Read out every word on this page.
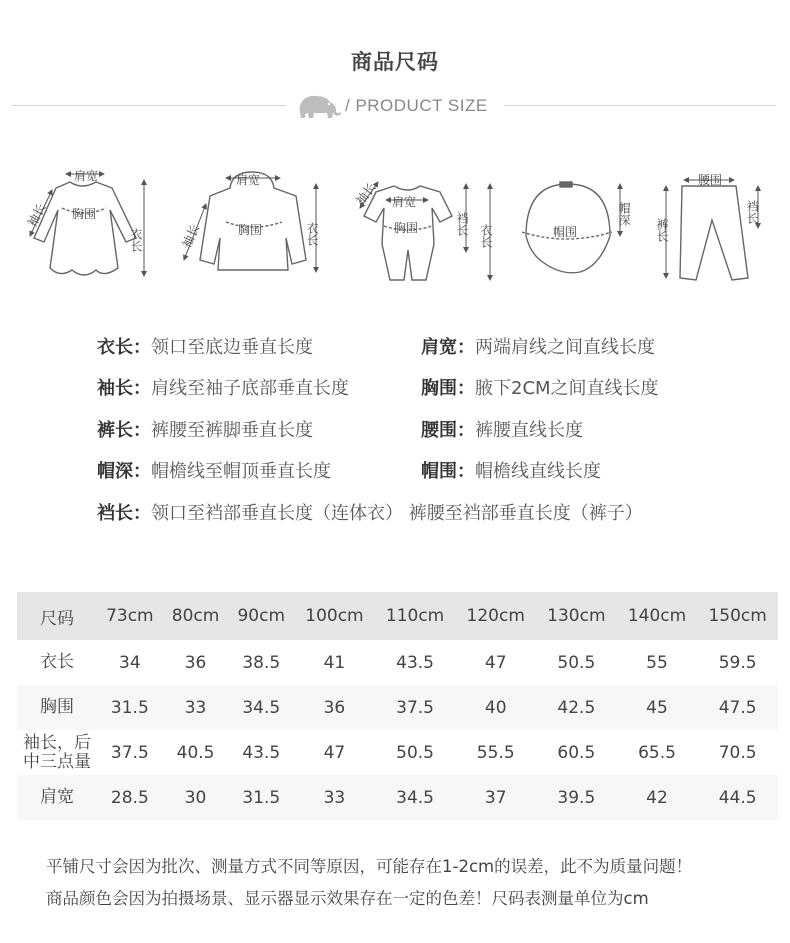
商品尺码
/ PRODUCT SIZE
肩宽
袖长 胸围
衣长
肩宽
袖长	胸围	衣长
袖长 肩宽
胸围	裆长 衣长	帽围
帽深
腰围
裤长
裆长
衣长：领口至底边垂直长度	肩宽：两端肩线之间直线长度
袖长：肩线至袖子底部垂直长度	胸围：腋下2CM之间直线长度
裤长：裤腰至裤脚垂直长度	腰围：裤腰直线长度
帽深：帽檐线至帽顶垂直长度	帽围：帽檐线直线长度
裆长：领口至裆部垂直长度（连体衣） 裤腰至裆部垂直长度（裤子）
尺码	73cm	80cm	90cm	100cm	110cm	120cm	130cm	140cm	150cm
衣长	34	36	38.5	41	43.5	47	50.5	55	59.5
胸围	31.5	33	34.5	36	37.5	40	42.5	45	47.5
袖长，后中三点量	37.5	40.5	43.5	47	50.5	55.5	60.5	65.5	70.5
肩宽	28.5	30	31.5	33	34.5	37	39.5	42	44.5
平铺尺寸会因为批次、测量方式不同等原因，可能存在1-2cm的误差，此不为质量问题！
商品颜色会因为拍摄场景、显示器显示效果存在一定的色差！尺码表测量单位为cm
